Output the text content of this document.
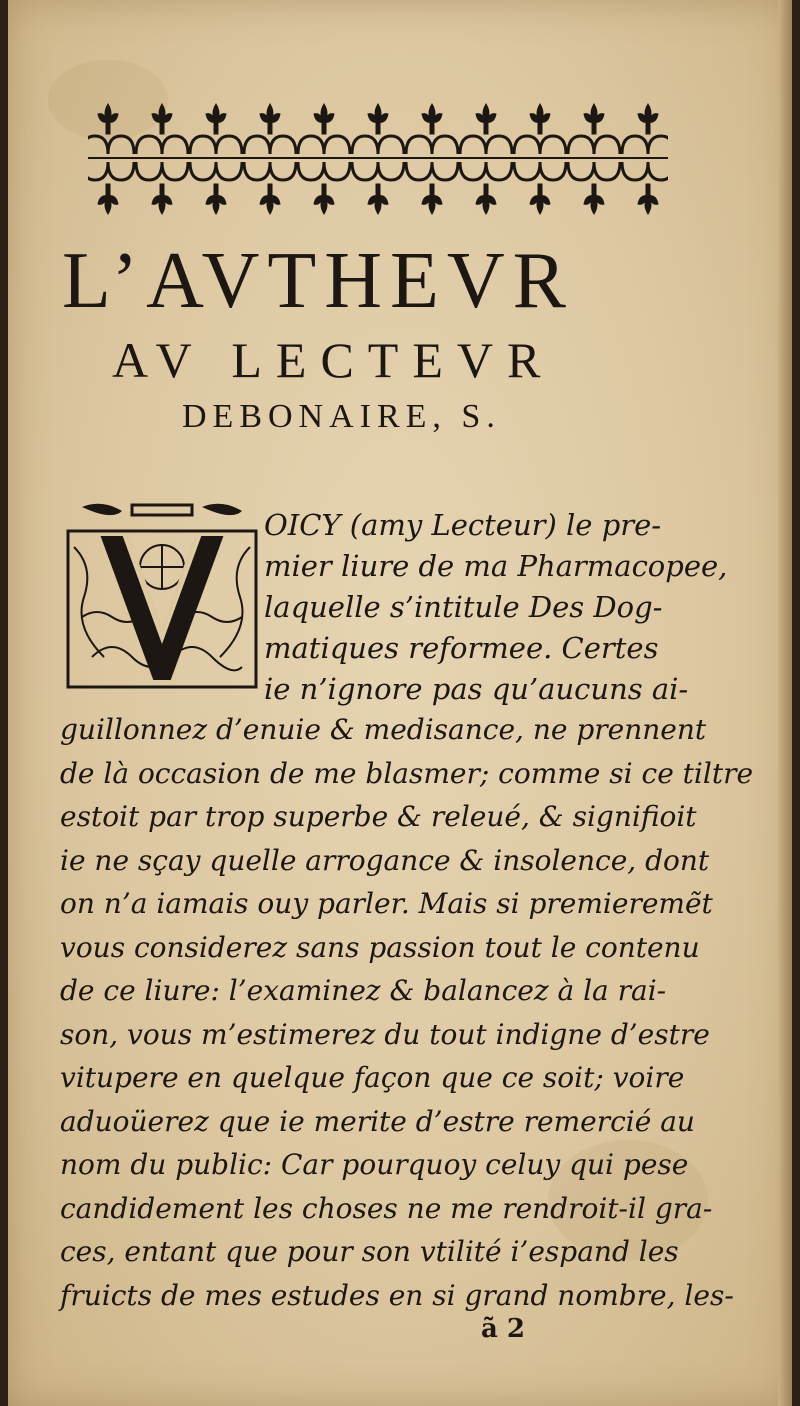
L’AVTHEVR
AV LECTEVR
DEBONAIRE, S.
OICY (amy Lecteur) le pre-
mier liure de ma Pharmacopee,
laquelle s’intitule Des Dog-
matiques reformee. Certes
ie n’ignore pas qu’aucuns ai-
guillonnez d’enuie & medisance, ne prennent
de là occasion de me blasmer; comme si ce tiltre
estoit par trop superbe & releué, & signifioit
ie ne sçay quelle arrogance & insolence, dont
on n’a iamais ouy parler. Mais si premieremẽt
vous considerez sans passion tout le contenu
de ce liure: l’examinez & balancez à la rai-
son, vous m’estimerez du tout indigne d’estre
vitupere en quelque façon que ce soit; voire
aduoüerez que ie merite d’estre remercié au
nom du public: Car pourquoy celuy qui pese
candidement les choses ne me rendroit-il gra-
ces, entant que pour son vtilité i’espand les
fruicts de mes estudes en si grand nombre, les-
ã 2
